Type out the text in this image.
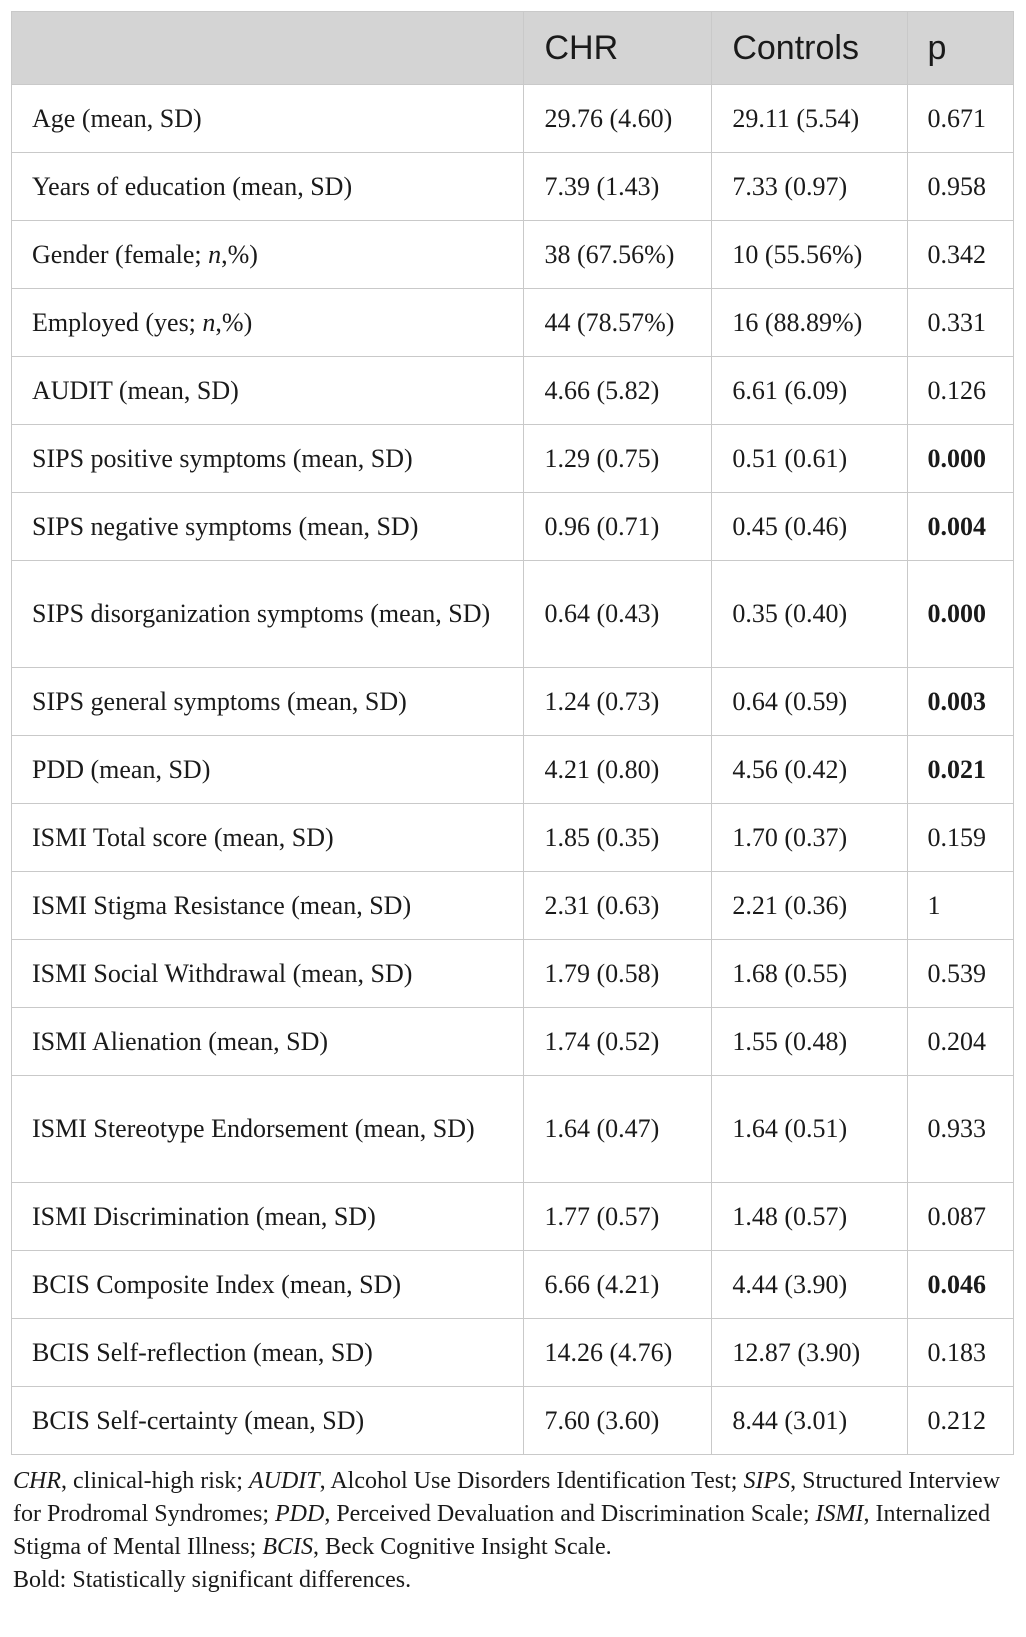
	CHR	Controls	p
Age (mean, SD)	29.76 (4.60)	29.11 (5.54)	0.671
Years of education (mean, SD)	7.39 (1.43)	7.33 (0.97)	0.958
Gender (female; n,%)	38 (67.56%)	10 (55.56%)	0.342
Employed (yes; n,%)	44 (78.57%)	16 (88.89%)	0.331
AUDIT (mean, SD)	4.66 (5.82)	6.61 (6.09)	0.126
SIPS positive symptoms (mean, SD)	1.29 (0.75)	0.51 (0.61)	0.000
SIPS negative symptoms (mean, SD)	0.96 (0.71)	0.45 (0.46)	0.004
SIPS disorganization symptoms (mean, SD)	0.64 (0.43)	0.35 (0.40)	0.000
SIPS general symptoms (mean, SD)	1.24 (0.73)	0.64 (0.59)	0.003
PDD (mean, SD)	4.21 (0.80)	4.56 (0.42)	0.021
ISMI Total score (mean, SD)	1.85 (0.35)	1.70 (0.37)	0.159
ISMI Stigma Resistance (mean, SD)	2.31 (0.63)	2.21 (0.36)	1
ISMI Social Withdrawal (mean, SD)	1.79 (0.58)	1.68 (0.55)	0.539
ISMI Alienation (mean, SD)	1.74 (0.52)	1.55 (0.48)	0.204
ISMI Stereotype Endorsement (mean, SD)	1.64 (0.47)	1.64 (0.51)	0.933
ISMI Discrimination (mean, SD)	1.77 (0.57)	1.48 (0.57)	0.087
BCIS Composite Index (mean, SD)	6.66 (4.21)	4.44 (3.90)	0.046
BCIS Self-reflection (mean, SD)	14.26 (4.76)	12.87 (3.90)	0.183
BCIS Self-certainty (mean, SD)	7.60 (3.60)	8.44 (3.01)	0.212

CHR, clinical-high risk; AUDIT, Alcohol Use Disorders Identification Test; SIPS, Structured Interview for Prodromal Syndromes; PDD, Perceived Devaluation and Discrimination Scale; ISMI, Internalized Stigma of Mental Illness; BCIS, Beck Cognitive Insight Scale.

Bold: Statistically significant differences.
